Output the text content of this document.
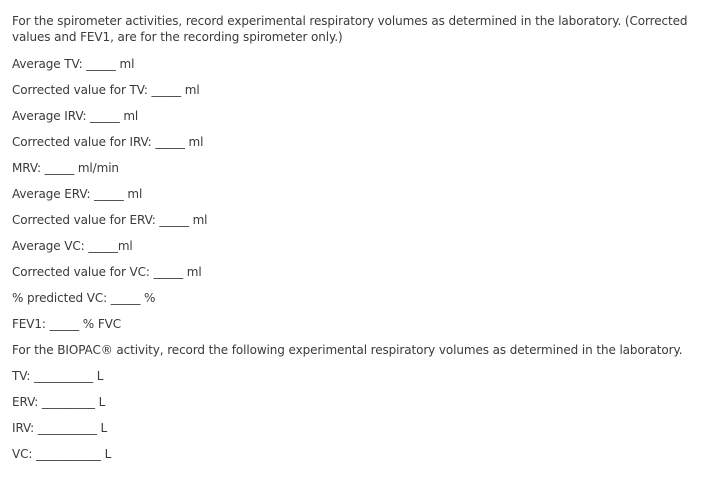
For the spirometer activities, record experimental respiratory volumes as determined in the laboratory. (Corrected values and FEV1, are for the recording spirometer only.)

Average TV: _____ ml
Corrected value for TV: _____ ml
Average IRV: _____ ml
Corrected value for IRV: _____ ml
MRV: _____ ml/min
Average ERV: _____ ml
Corrected value for ERV: _____ ml
Average VC: _____ml
Corrected value for VC: _____ ml
% predicted VC: _____ %
FEV1: _____ % FVC
For the BIOPAC® activity, record the following experimental respiratory volumes as determined in the laboratory.
TV: __________ L
ERV: _________ L
IRV: __________ L
VC: ___________ L
